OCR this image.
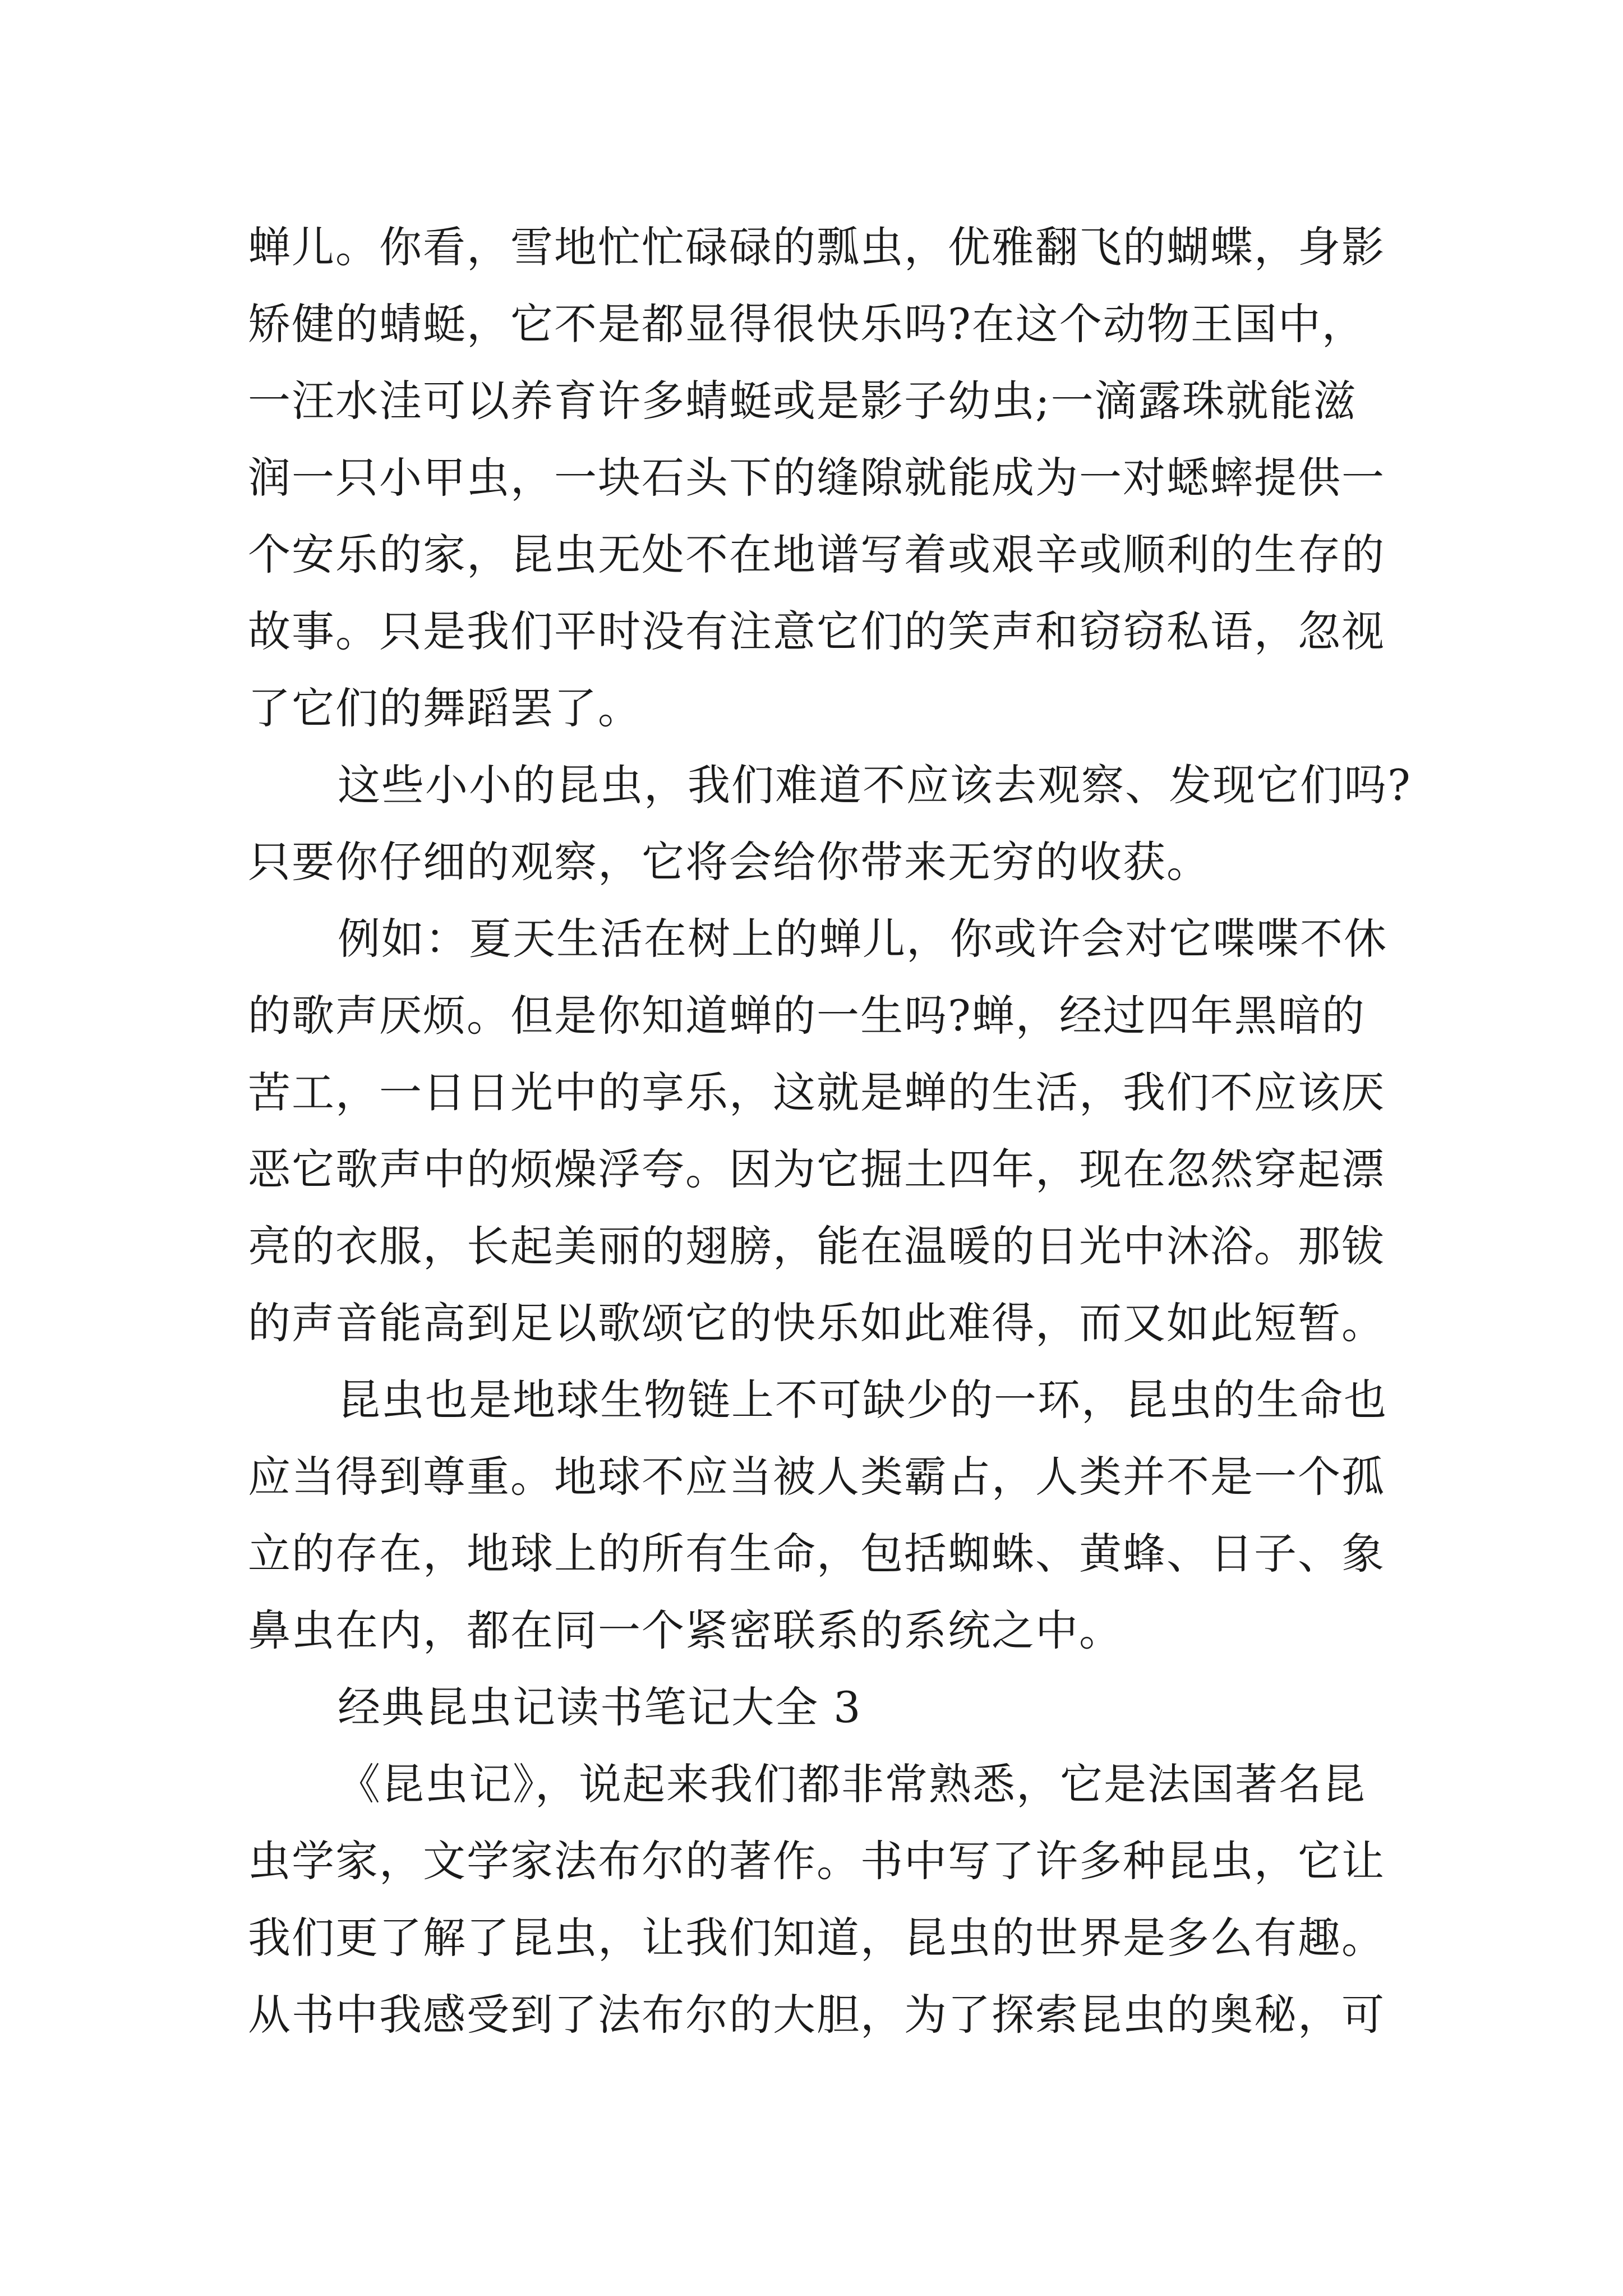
蝉儿。你看，雪地忙忙碌碌的瓢虫，优雅翻飞的蝴蝶，身影
矫健的蜻蜓，它不是都显得很快乐吗?在这个动物王国中，
一汪水洼可以养育许多蜻蜓或是影子幼虫;一滴露珠就能滋
润一只小甲虫，一块石头下的缝隙就能成为一对蟋蟀提供一
个安乐的家，昆虫无处不在地谱写着或艰辛或顺利的生存的
故事。只是我们平时没有注意它们的笑声和窃窃私语，忽视
了它们的舞蹈罢了。
这些小小的昆虫，我们难道不应该去观察、发现它们吗?
只要你仔细的观察，它将会给你带来无穷的收获。
例如：夏天生活在树上的蝉儿，你或许会对它喋喋不休
的歌声厌烦。但是你知道蝉的一生吗?蝉，经过四年黑暗的
苦工，一日日光中的享乐，这就是蝉的生活，我们不应该厌
恶它歌声中的烦燥浮夸。因为它掘土四年，现在忽然穿起漂
亮的衣服，长起美丽的翅膀，能在温暖的日光中沐浴。那钹
的声音能高到足以歌颂它的快乐如此难得，而又如此短暂。
昆虫也是地球生物链上不可缺少的一环，昆虫的生命也
应当得到尊重。地球不应当被人类霸占，人类并不是一个孤
立的存在，地球上的所有生命，包括蜘蛛、黄蜂、日子、象
鼻虫在内，都在同一个紧密联系的系统之中。
经典昆虫记读书笔记大全 3
《昆虫记》，说起来我们都非常熟悉，它是法国著名昆
虫学家，文学家法布尔的著作。书中写了许多种昆虫，它让
我们更了解了昆虫，让我们知道，昆虫的世界是多么有趣。
从书中我感受到了法布尔的大胆，为了探索昆虫的奥秘，可
